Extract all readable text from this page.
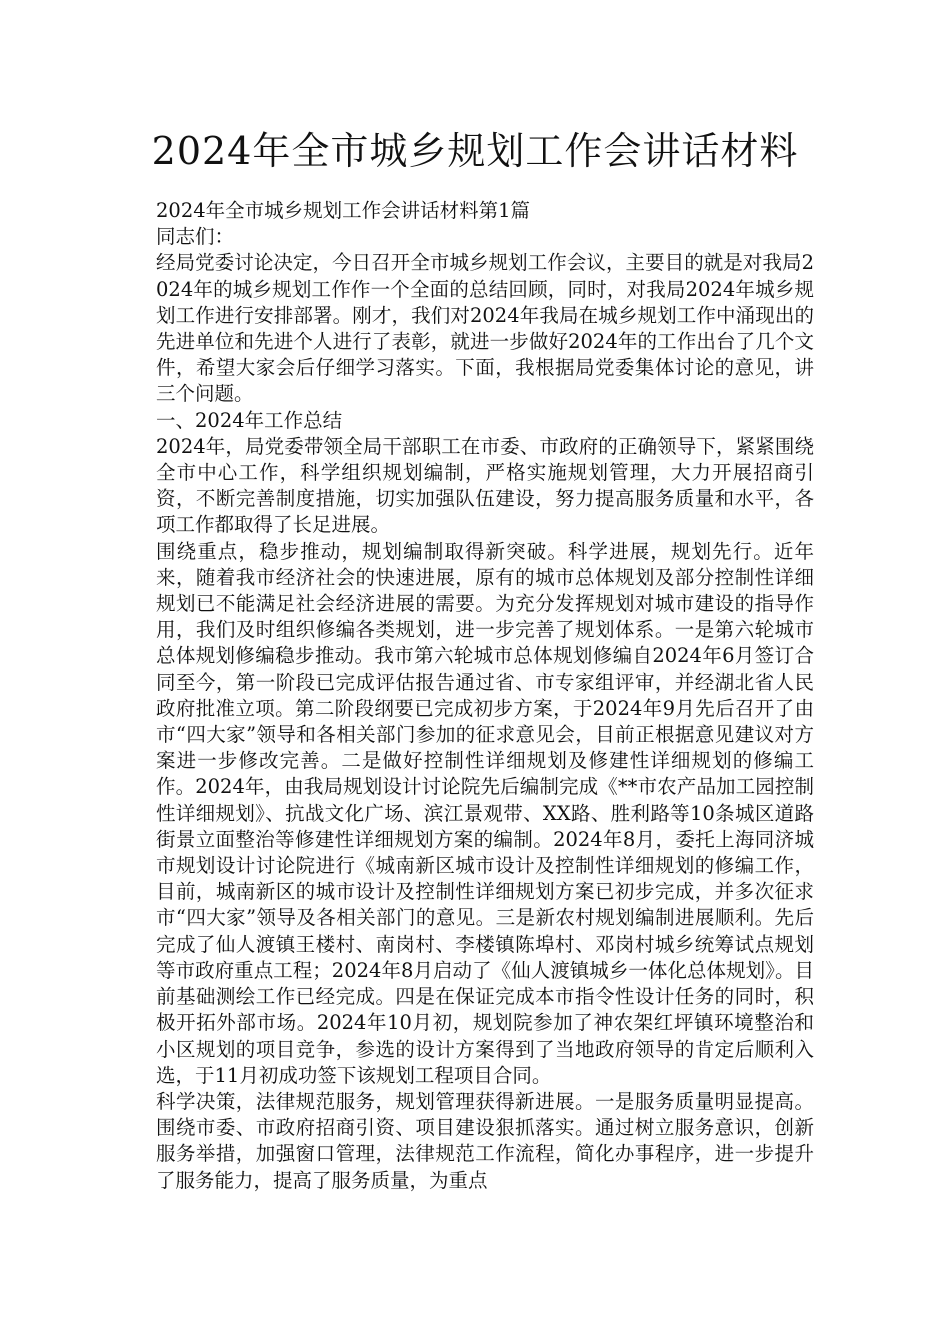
2024年全市城乡规划工作会讲话材料

2024年全市城乡规划工作会讲话材料第1篇

同志们：

经局党委讨论决定，今日召开全市城乡规划工作会议，主要目的就是对我局2024年的城乡规划工作作一个全面的总结回顾，同时，对我局2024年城乡规划工作进行安排部署。刚才，我们对2024年我局在城乡规划工作中涌现出的先进单位和先进个人进行了表彰，就进一步做好2024年的工作出台了几个文件，希望大家会后仔细学习落实。下面，我根据局党委集体讨论的意见，讲三个问题。

一、2024年工作总结

2024年，局党委带领全局干部职工在市委、市政府的正确领导下，紧紧围绕全市中心工作，科学组织规划编制，严格实施规划管理，大力开展招商引资，不断完善制度措施，切实加强队伍建设，努力提高服务质量和水平，各项工作都取得了长足进展。

围绕重点，稳步推动，规划编制取得新突破。科学进展，规划先行。近年来，随着我市经济社会的快速进展，原有的城市总体规划及部分控制性详细规划已不能满足社会经济进展的需要。为充分发挥规划对城市建设的指导作用，我们及时组织修编各类规划，进一步完善了规划体系。一是第六轮城市总体规划修编稳步推动。我市第六轮城市总体规划修编自2024年6月签订合同至今，第一阶段已完成评估报告通过省、市专家组评审，并经湖北省人民政府批准立项。第二阶段纲要已完成初步方案，于2024年9月先后召开了由市“四大家”领导和各相关部门参加的征求意见会，目前正根据意见建议对方案进一步修改完善。二是做好控制性详细规划及修建性详细规划的修编工作。2024年，由我局规划设计讨论院先后编制完成《**市农产品加工园控制性详细规划》、抗战文化广场、滨江景观带、XX路、胜利路等10条城区道路街景立面整治等修建性详细规划方案的编制。2024年8月，委托上海同济城市规划设计讨论院进行《城南新区城市设计及控制性详细规划的修编工作，目前，城南新区的城市设计及控制性详细规划方案已初步完成，并多次征求市“四大家”领导及各相关部门的意见。三是新农村规划编制进展顺利。先后完成了仙人渡镇王楼村、南岗村、李楼镇陈埠村、邓岗村城乡统筹试点规划等市政府重点工程；2024年8月启动了《仙人渡镇城乡一体化总体规划》。目前基础测绘工作已经完成。四是在保证完成本市指令性设计任务的同时，积极开拓外部市场。2024年10月初，规划院参加了神农架红坪镇环境整治和小区规划的项目竞争，参选的设计方案得到了当地政府领导的肯定后顺利入选，于11月初成功签下该规划工程项目合同。

科学决策，法律规范服务，规划管理获得新进展。一是服务质量明显提高。围绕市委、市政府招商引资、项目建设狠抓落实。通过树立服务意识，创新服务举措，加强窗口管理，法律规范工作流程，简化办事程序，进一步提升了服务能力，提高了服务质量，为重点
